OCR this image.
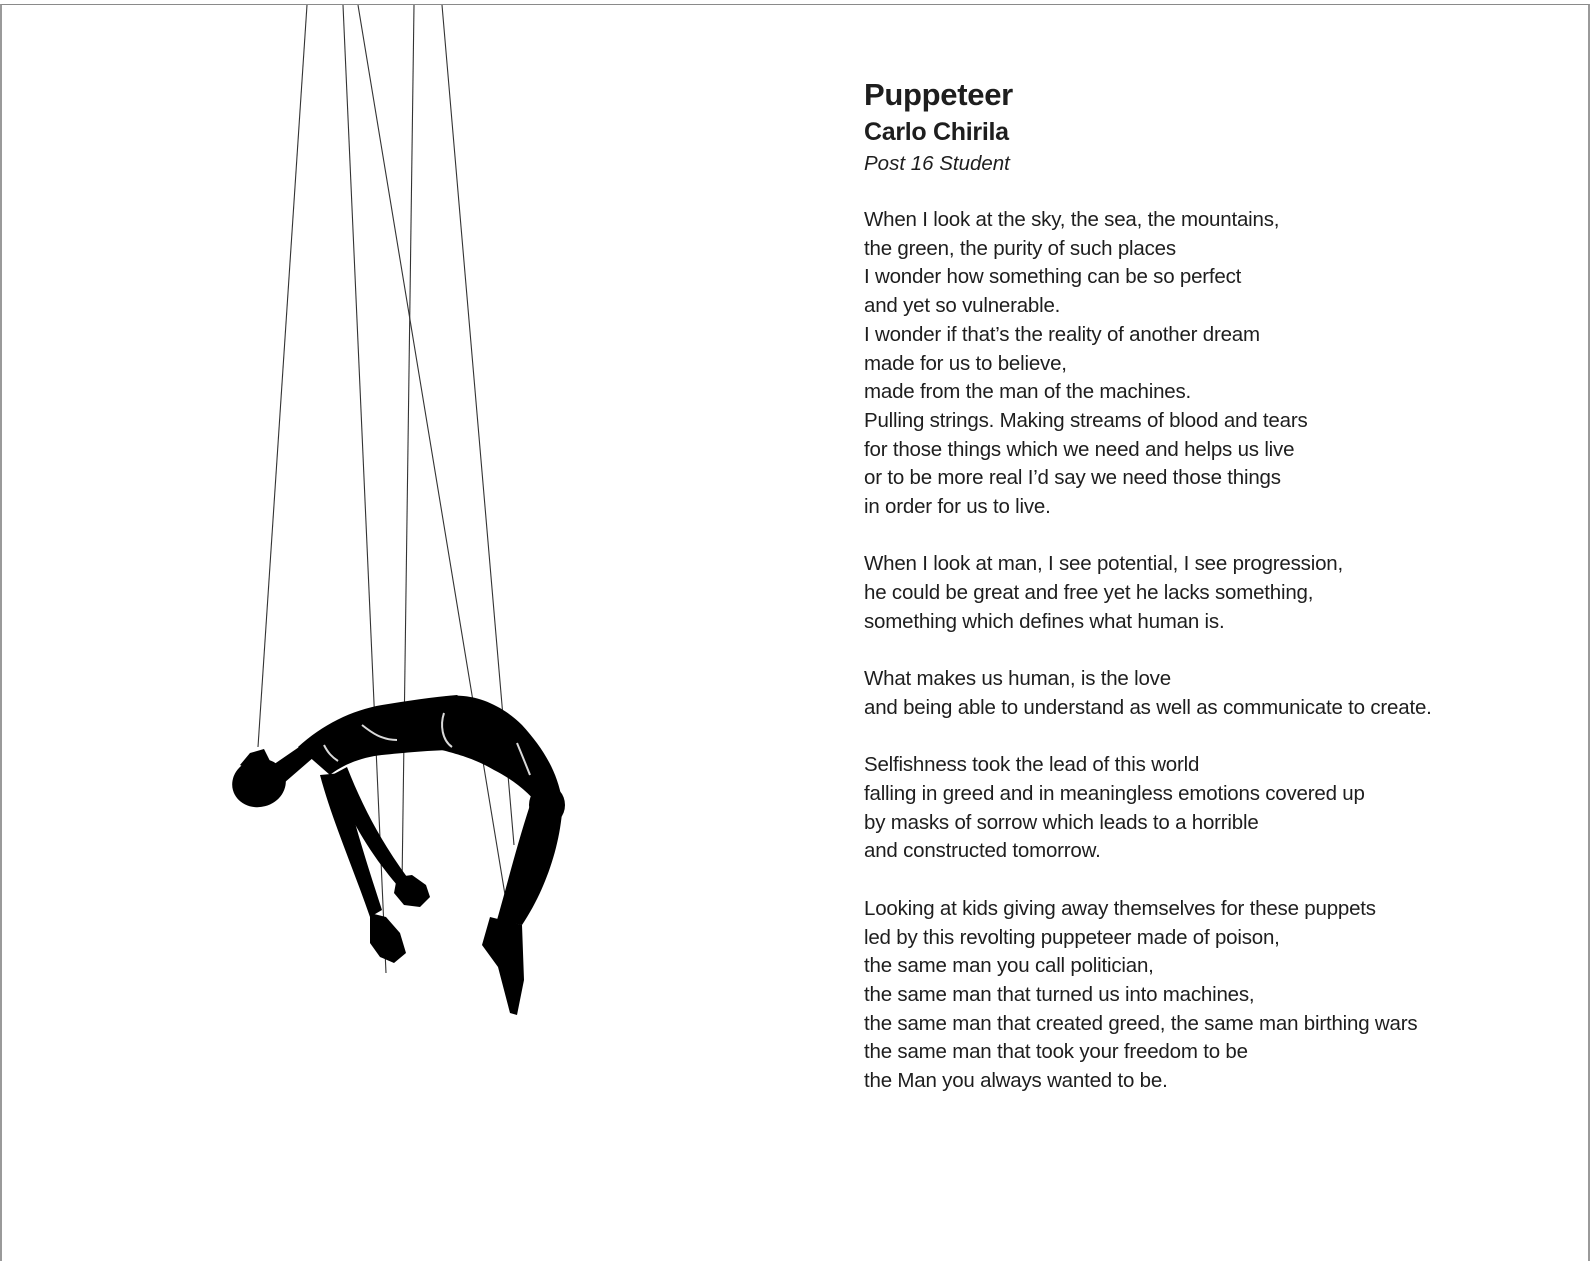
Puppeteer
Carlo Chirila

Post 16 Student

When I look at the sky, the sea, the mountains,
the green, the purity of such places
I wonder how something can be so perfect
and yet so vulnerable.
I wonder if that’s the reality of another dream
made for us to believe,
made from the man of the machines.
Pulling strings. Making streams of blood and tears
for those things which we need and helps us live
or to be more real I’d say we need those things
in order for us to live.
When I look at man, I see potential, I see progression,
he could be great and free yet he lacks something,
something which defines what human is.
What makes us human, is the love
and being able to understand as well as communicate to create.
Selfishness took the lead of this world
falling in greed and in meaningless emotions covered up
by masks of sorrow which leads to a horrible
and constructed tomorrow.
Looking at kids giving away themselves for these puppets
led by this revolting puppeteer made of poison,
the same man you call politician,
the same man that turned us into machines,
the same man that created greed, the same man birthing wars
the same man that took your freedom to be
the Man you always wanted to be.
